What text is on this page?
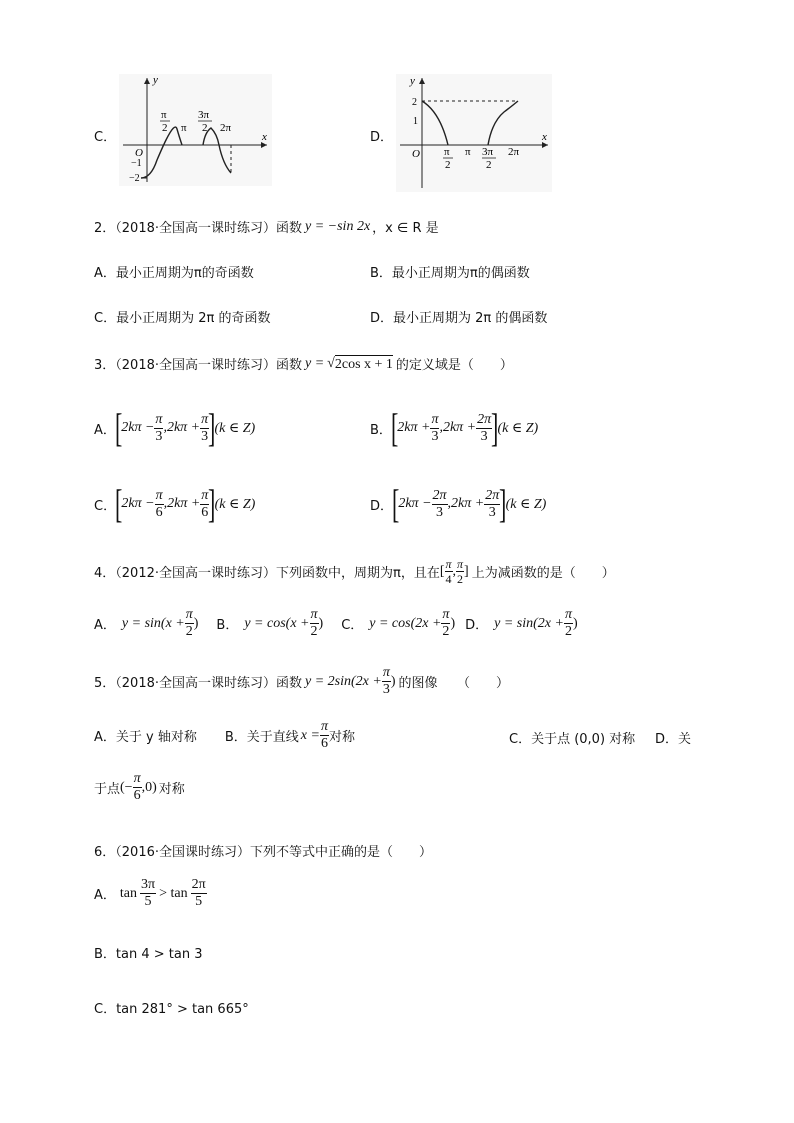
C．
y
x
O
−1
−2
π
2 π
3π
2 2π
D．
y
x
O
2
1
π
2
π 3π
2
2π
2．（2018·全国高一课时练习）函数 y = −sin 2x ，x ∈ R 是
A．最小正周期为π的奇函数	B．最小正周期为π的偶函数
C．最小正周期为 2π 的奇函数	D．最小正周期为 2π 的偶函数
3．（2018·全国高一课时练习）函数 y = √ 2cos x + 1 的定义域是（　　）
A．
[
$2k\pi - \frac{\pi}{3} ,2k\pi + \frac{\pi}{3}$
]
(k ∈ Z)	B．
[
$2k\pi + \frac{\pi}{3} ,2k\pi + \frac{2\pi}{3}$
]
(k ∈ Z)
C．
[
$2k\pi - \frac{\pi}{6} ,2k\pi + \frac{\pi}{6}$
]
(k ∈ Z)	D．
[
$2k\pi - \frac{2\pi}{3} ,2k\pi + \frac{2\pi}{3}$
]
(k ∈ Z)
4．（2012·全国高一课时练习）下列函数中，周期为π，且在 [ $\frac{\pi}{4}$ , $\frac{\pi}{2}$ ] 上为减函数的是（　　）
A． $y = \sin(x + \frac{\pi}{2}$ ) B． $y = \cos(x + \frac{\pi}{2}$ ) C． $y = \cos(2x + \frac{\pi}{2}$ ) D． $y = \sin(2x + \frac{\pi}{2}$ )
5．（2018·全国高一课时练习）函数 $y = 2\sin(2x + \frac{\pi}{3}$ ) 的图像　　（　　）
A．关于 y 轴对称 B．关于直线 $x = \frac{\pi}{6}$ 对称	C．关于点 (0,0) 对称 D．关
于点 (− $\frac{\pi}{6} ,0$) 对称
6．（2016·全国课时练习）下列不等式中正确的是（　　）
A． $\tan \frac{3\pi}{5} > \tan \frac{2\pi}{5}$
B．tan 4 > tan 3
C．tan 281° > tan 665°
